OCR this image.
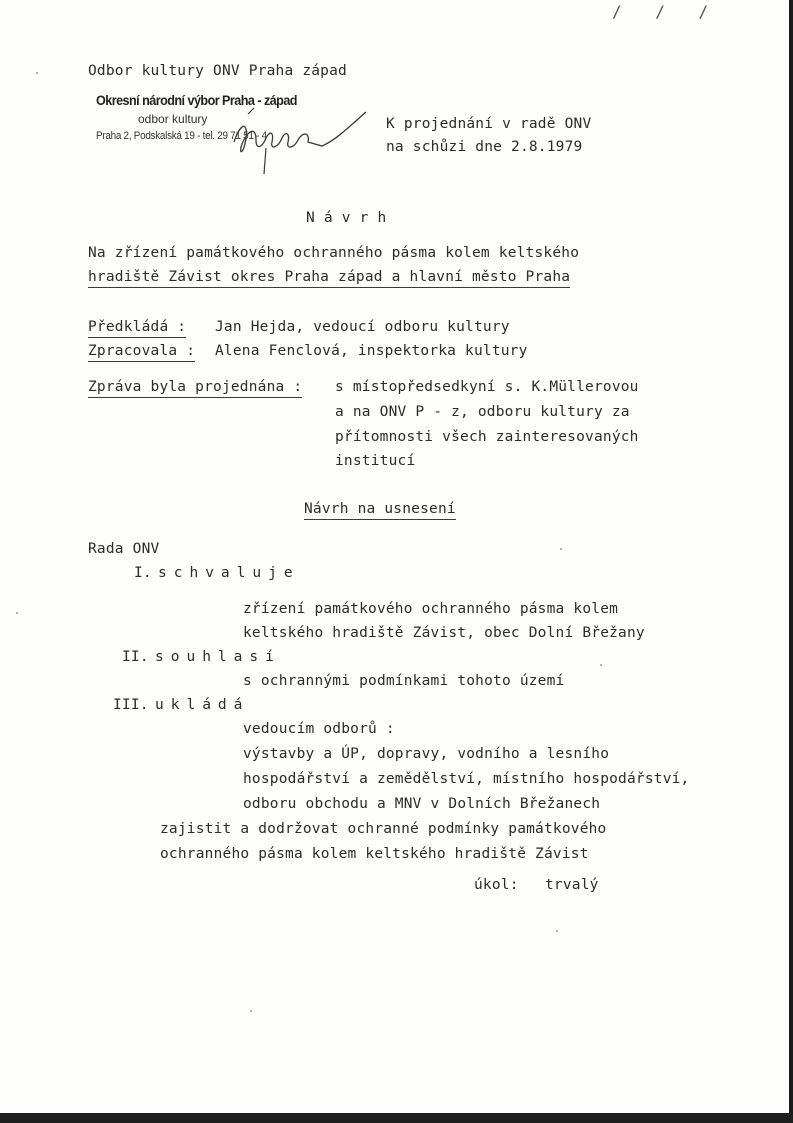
/ / /
Odbor kultury ONV Praha západ
Okresní národní výbor Praha - západ
odbor kultury
Praha 2, Podskalská 19 - tel. 29 71 51 - 4
K projednání v radě ONV
na schůzi dne 2.8.1979
N á v r h
Na zřízení památkového ochranného pásma kolem keltského
hradiště Závist okres Praha západ a hlavní město Praha
Předkládá : Jan Hejda, vedoucí odboru kultury
Zpracovala : Alena Fenclová, inspektorka kultury
Zpráva byla projednána : s místopředsedkyní s. K.Müllerovou
a na ONV P - z, odboru kultury za
přítomnosti všech zainteresovaných
institucí
Návrh na usnesení
Rada ONV
I. schvaluje
zřízení památkového ochranného pásma kolem
keltského hradiště Závist, obec Dolní Břežany
II. souhlasí
s ochrannými podmínkami tohoto území
III. ukládá
vedoucím odborů :
výstavby a ÚP, dopravy, vodního a lesního
hospodářství a zemědělství, místního hospodářství,
odboru obchodu a MNV v Dolních Břežanech
zajistit a dodržovat ochranné podmínky památkového
ochranného pásma kolem keltského hradiště Závist
úkol: trvalý
